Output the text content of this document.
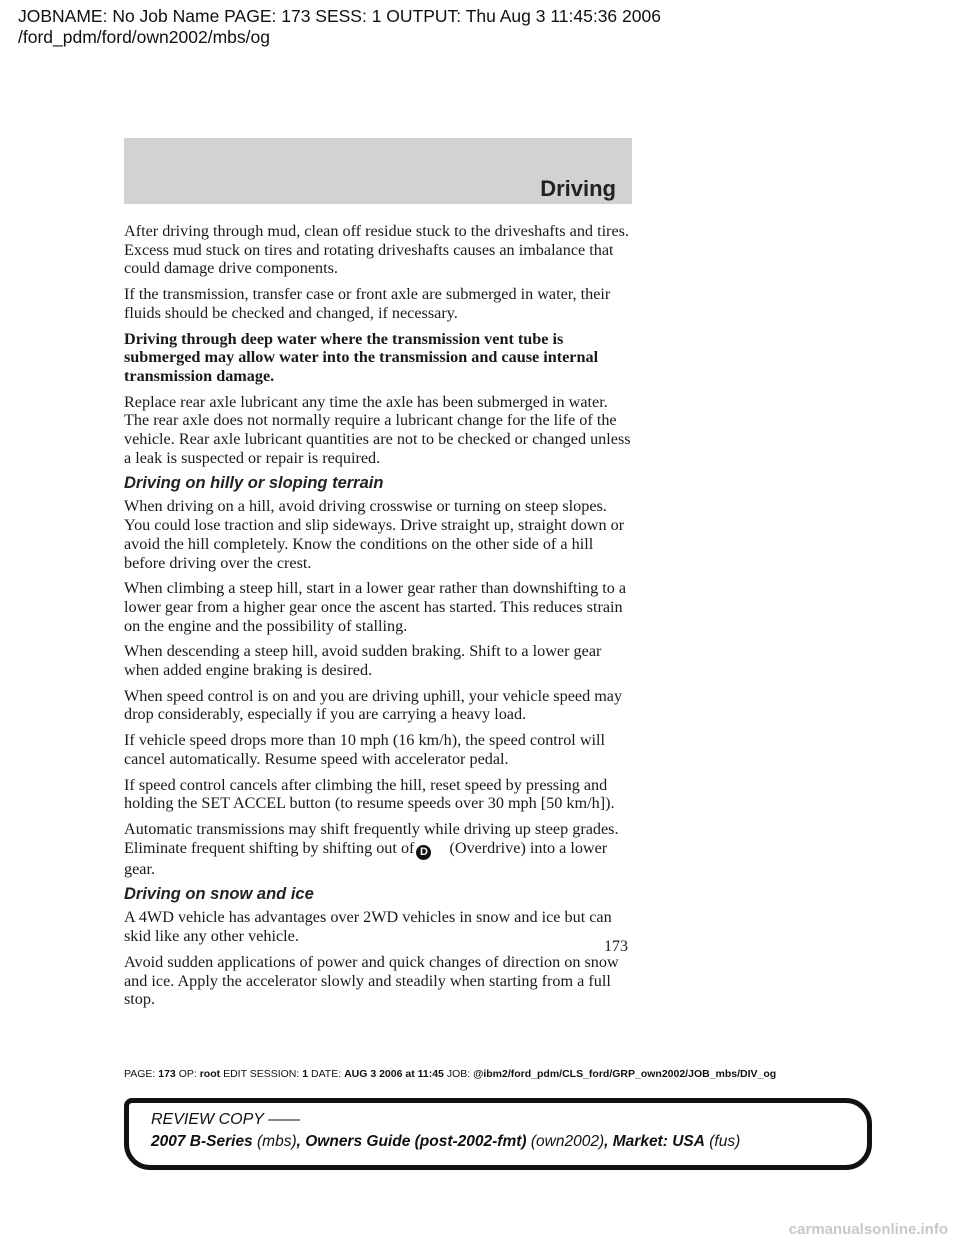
JOBNAME: No Job Name PAGE: 173 SESS: 1 OUTPUT: Thu Aug 3 11:45:36 2006
/ford_pdm/ford/own2002/mbs/og
Driving

After driving through mud, clean off residue stuck to the driveshafts and tires. Excess mud stuck on tires and rotating driveshafts causes an imbalance that could damage drive components.

If the transmission, transfer case or front axle are submerged in water, their fluids should be checked and changed, if necessary.

Driving through deep water where the transmission vent tube is submerged may allow water into the transmission and cause internal transmission damage.

Replace rear axle lubricant any time the axle has been submerged in water. The rear axle does not normally require a lubricant change for the life of the vehicle. Rear axle lubricant quantities are not to be checked or changed unless a leak is suspected or repair is required.

Driving on hilly or sloping terrain

When driving on a hill, avoid driving crosswise or turning on steep slopes. You could lose traction and slip sideways. Drive straight up, straight down or avoid the hill completely. Know the conditions on the other side of a hill before driving over the crest.

When climbing a steep hill, start in a lower gear rather than downshifting to a lower gear from a higher gear once the ascent has started. This reduces strain on the engine and the possibility of stalling.

When descending a steep hill, avoid sudden braking. Shift to a lower gear when added engine braking is desired.

When speed control is on and you are driving uphill, your vehicle speed may drop considerably, especially if you are carrying a heavy load.

If vehicle speed drops more than 10 mph (16 km/h), the speed control will cancel automatically. Resume speed with accelerator pedal.

If speed control cancels after climbing the hill, reset speed by pressing and holding the SET ACCEL button (to resume speeds over 30 mph [50 km/h]).

Automatic transmissions may shift frequently while driving up steep grades. Eliminate frequent shifting by shifting out of D (Overdrive) into a lower gear.

Driving on snow and ice

A 4WD vehicle has advantages over 2WD vehicles in snow and ice but can skid like any other vehicle.

Avoid sudden applications of power and quick changes of direction on snow and ice. Apply the accelerator slowly and steadily when starting from a full stop.

173
PAGE: 173 OP: root EDIT SESSION: 1 DATE: AUG 3 2006 at 11:45 JOB: @ibm2/ford_pdm/CLS_ford/GRP_own2002/JOB_mbs/DIV_og
REVIEW COPY ——
2007 B-Series (mbs), Owners Guide (post-2002-fmt) (own2002), Market: USA (fus)
carmanualsonline.info
